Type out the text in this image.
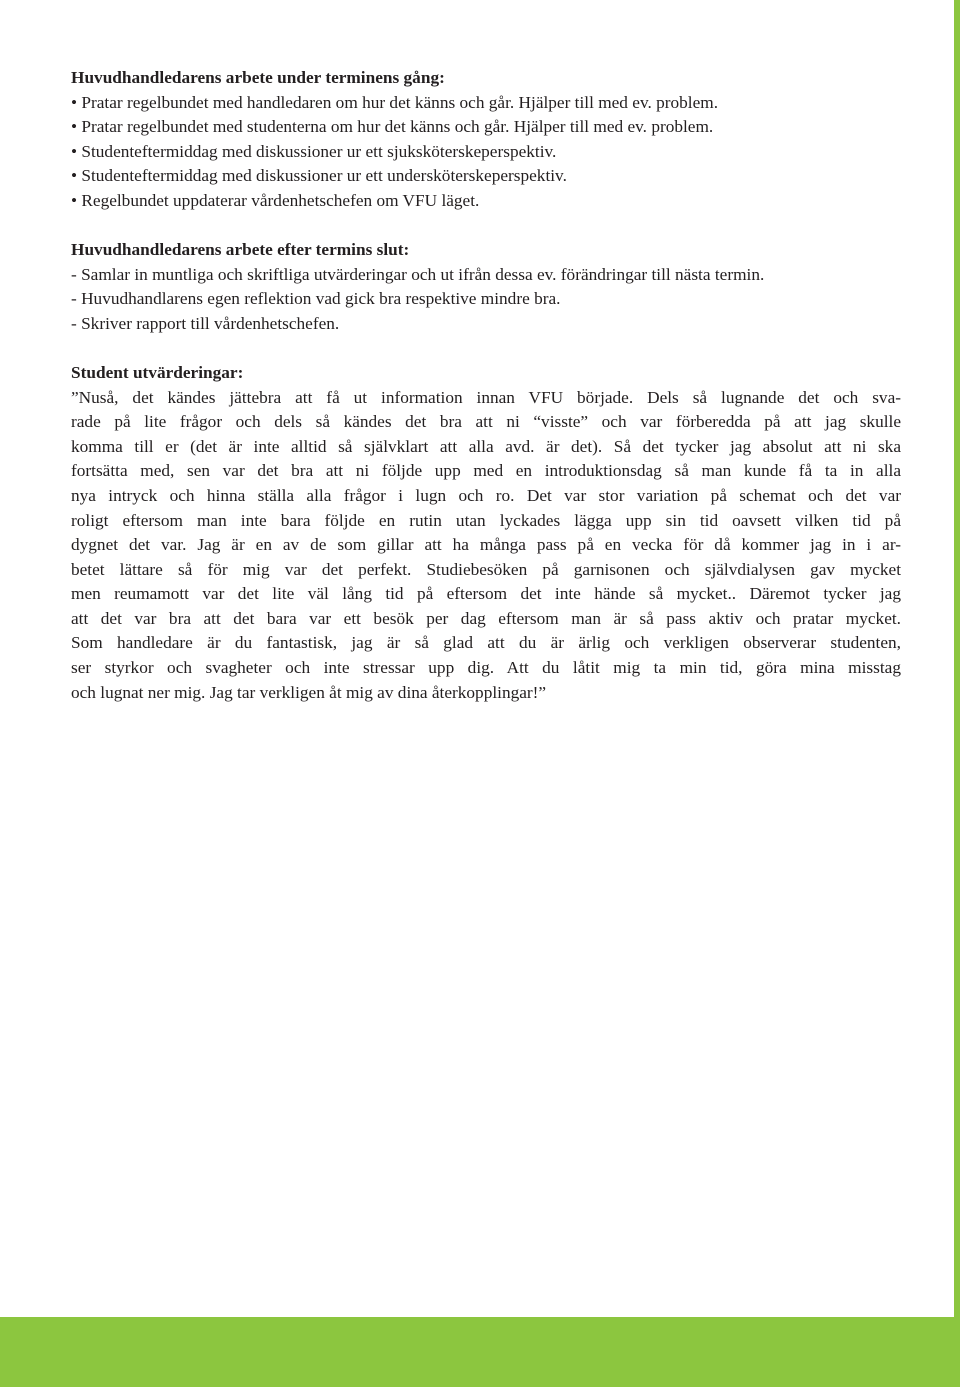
Huvudhandledarens arbete under terminens gång:

• Pratar regelbundet med handledaren om hur det känns och går. Hjälper till med ev. problem.

• Pratar regelbundet med studenterna om hur det känns och går. Hjälper till med ev. problem.

• Studenteftermiddag med diskussioner ur ett sjuksköterskeperspektiv.

• Studenteftermiddag med diskussioner ur ett undersköterskeperspektiv.

• Regelbundet uppdaterar vårdenhetschefen om VFU läget.

Huvudhandledarens arbete efter termins slut:

- Samlar in muntliga och skriftliga utvärderingar och ut ifrån dessa ev. förändringar till nästa termin.

- Huvudhandlarens egen reflektion vad gick bra respektive mindre bra.

- Skriver rapport till vårdenhetschefen.

Student utvärderingar:

”Nuså, det kändes jättebra att få ut information innan VFU började. Dels så lugnande det och sva-
rade på lite frågor och dels så kändes det bra att ni “visste” och var förberedda på att jag skulle
komma till er (det är inte alltid så självklart att alla avd. är det). Så det tycker jag absolut att ni ska
fortsätta med, sen var det bra att ni följde upp med en introduktionsdag så man kunde få ta in alla
nya intryck och hinna ställa alla frågor i lugn och ro. Det var stor variation på schemat och det var
roligt eftersom man inte bara följde en rutin utan lyckades lägga upp sin tid oavsett vilken tid på
dygnet det var. Jag är en av de som gillar att ha många pass på en vecka för då kommer jag in i ar-
betet lättare så för mig var det perfekt. Studiebesöken på garnisonen och självdialysen gav mycket
men reumamott var det lite väl lång tid på eftersom det inte hände så mycket.. Däremot tycker jag
att det var bra att det bara var ett besök per dag eftersom man är så pass aktiv och pratar mycket.
Som handledare är du fantastisk, jag är så glad att du är ärlig och verkligen observerar studenten,
ser styrkor och svagheter och inte stressar upp dig. Att du låtit mig ta min tid, göra mina misstag
och lugnat ner mig. Jag tar verkligen åt mig av dina återkopplingar!”
